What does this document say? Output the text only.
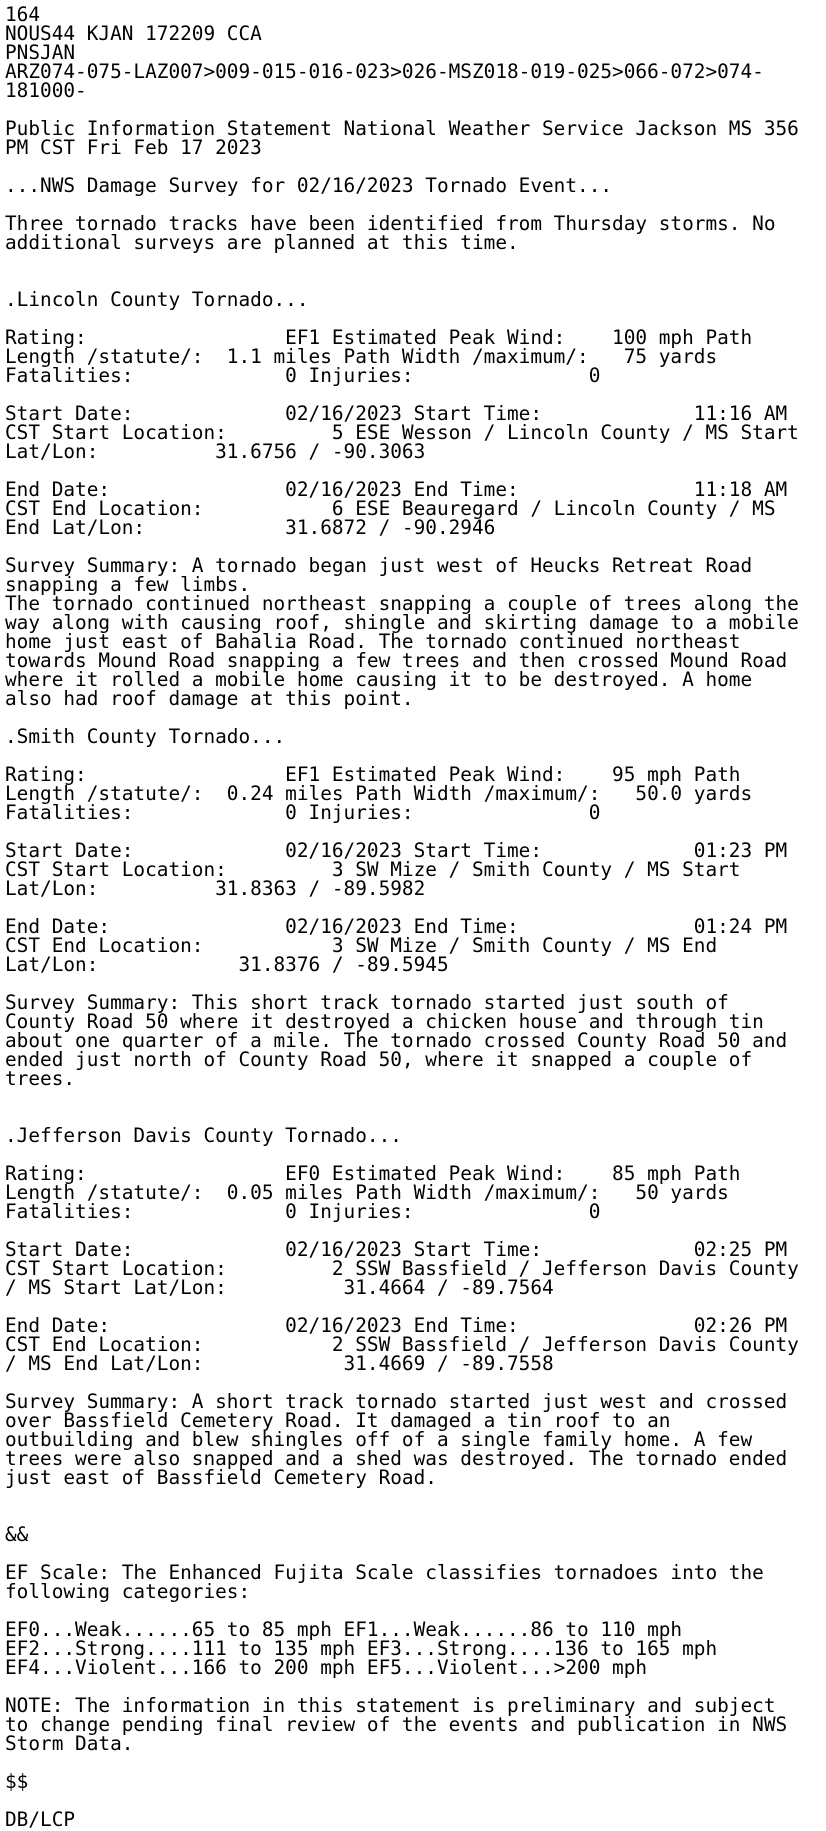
164
NOUS44 KJAN 172209 CCA
PNSJAN
ARZ074-075-LAZ007>009-015-016-023>026-MSZ018-019-025>066-072>074-
181000-
Public Information Statement National Weather Service Jackson MS 356
PM CST Fri Feb 17 2023
...NWS Damage Survey for 02/16/2023 Tornado Event...
Three tornado tracks have been identified from Thursday storms. No
additional surveys are planned at this time.
.Lincoln County Tornado...
Rating:                 EF1 Estimated Peak Wind:    100 mph Path
Length /statute/:  1.1 miles Path Width /maximum/:   75 yards
Fatalities:             0 Injuries:               0
Start Date:             02/16/2023 Start Time:             11:16 AM
CST Start Location:         5 ESE Wesson / Lincoln County / MS Start
Lat/Lon:          31.6756 / -90.3063
End Date:               02/16/2023 End Time:               11:18 AM
CST End Location:           6 ESE Beauregard / Lincoln County / MS
End Lat/Lon:            31.6872 / -90.2946
Survey Summary: A tornado began just west of Heucks Retreat Road
snapping a few limbs.
The tornado continued northeast snapping a couple of trees along the
way along with causing roof, shingle and skirting damage to a mobile
home just east of Bahalia Road. The tornado continued northeast
towards Mound Road snapping a few trees and then crossed Mound Road
where it rolled a mobile home causing it to be destroyed. A home
also had roof damage at this point.
.Smith County Tornado...
Rating:                 EF1 Estimated Peak Wind:    95 mph Path
Length /statute/:  0.24 miles Path Width /maximum/:   50.0 yards
Fatalities:             0 Injuries:               0
Start Date:             02/16/2023 Start Time:             01:23 PM
CST Start Location:         3 SW Mize / Smith County / MS Start
Lat/Lon:          31.8363 / -89.5982
End Date:               02/16/2023 End Time:               01:24 PM
CST End Location:           3 SW Mize / Smith County / MS End
Lat/Lon:            31.8376 / -89.5945
Survey Summary: This short track tornado started just south of
County Road 50 where it destroyed a chicken house and through tin
about one quarter of a mile. The tornado crossed County Road 50 and
ended just north of County Road 50, where it snapped a couple of
trees.
.Jefferson Davis County Tornado...
Rating:                 EF0 Estimated Peak Wind:    85 mph Path
Length /statute/:  0.05 miles Path Width /maximum/:   50 yards
Fatalities:             0 Injuries:               0
Start Date:             02/16/2023 Start Time:             02:25 PM
CST Start Location:         2 SSW Bassfield / Jefferson Davis County
/ MS Start Lat/Lon:          31.4664 / -89.7564
End Date:               02/16/2023 End Time:               02:26 PM
CST End Location:           2 SSW Bassfield / Jefferson Davis County
/ MS End Lat/Lon:            31.4669 / -89.7558
Survey Summary: A short track tornado started just west and crossed
over Bassfield Cemetery Road. It damaged a tin roof to an
outbuilding and blew shingles off of a single family home. A few
trees were also snapped and a shed was destroyed. The tornado ended
just east of Bassfield Cemetery Road.
&&
EF Scale: The Enhanced Fujita Scale classifies tornadoes into the
following categories:
EF0...Weak......65 to 85 mph EF1...Weak......86 to 110 mph
EF2...Strong....111 to 135 mph EF3...Strong....136 to 165 mph
EF4...Violent...166 to 200 mph EF5...Violent...>200 mph
NOTE: The information in this statement is preliminary and subject
to change pending final review of the events and publication in NWS
Storm Data.
$$
DB/LCP
